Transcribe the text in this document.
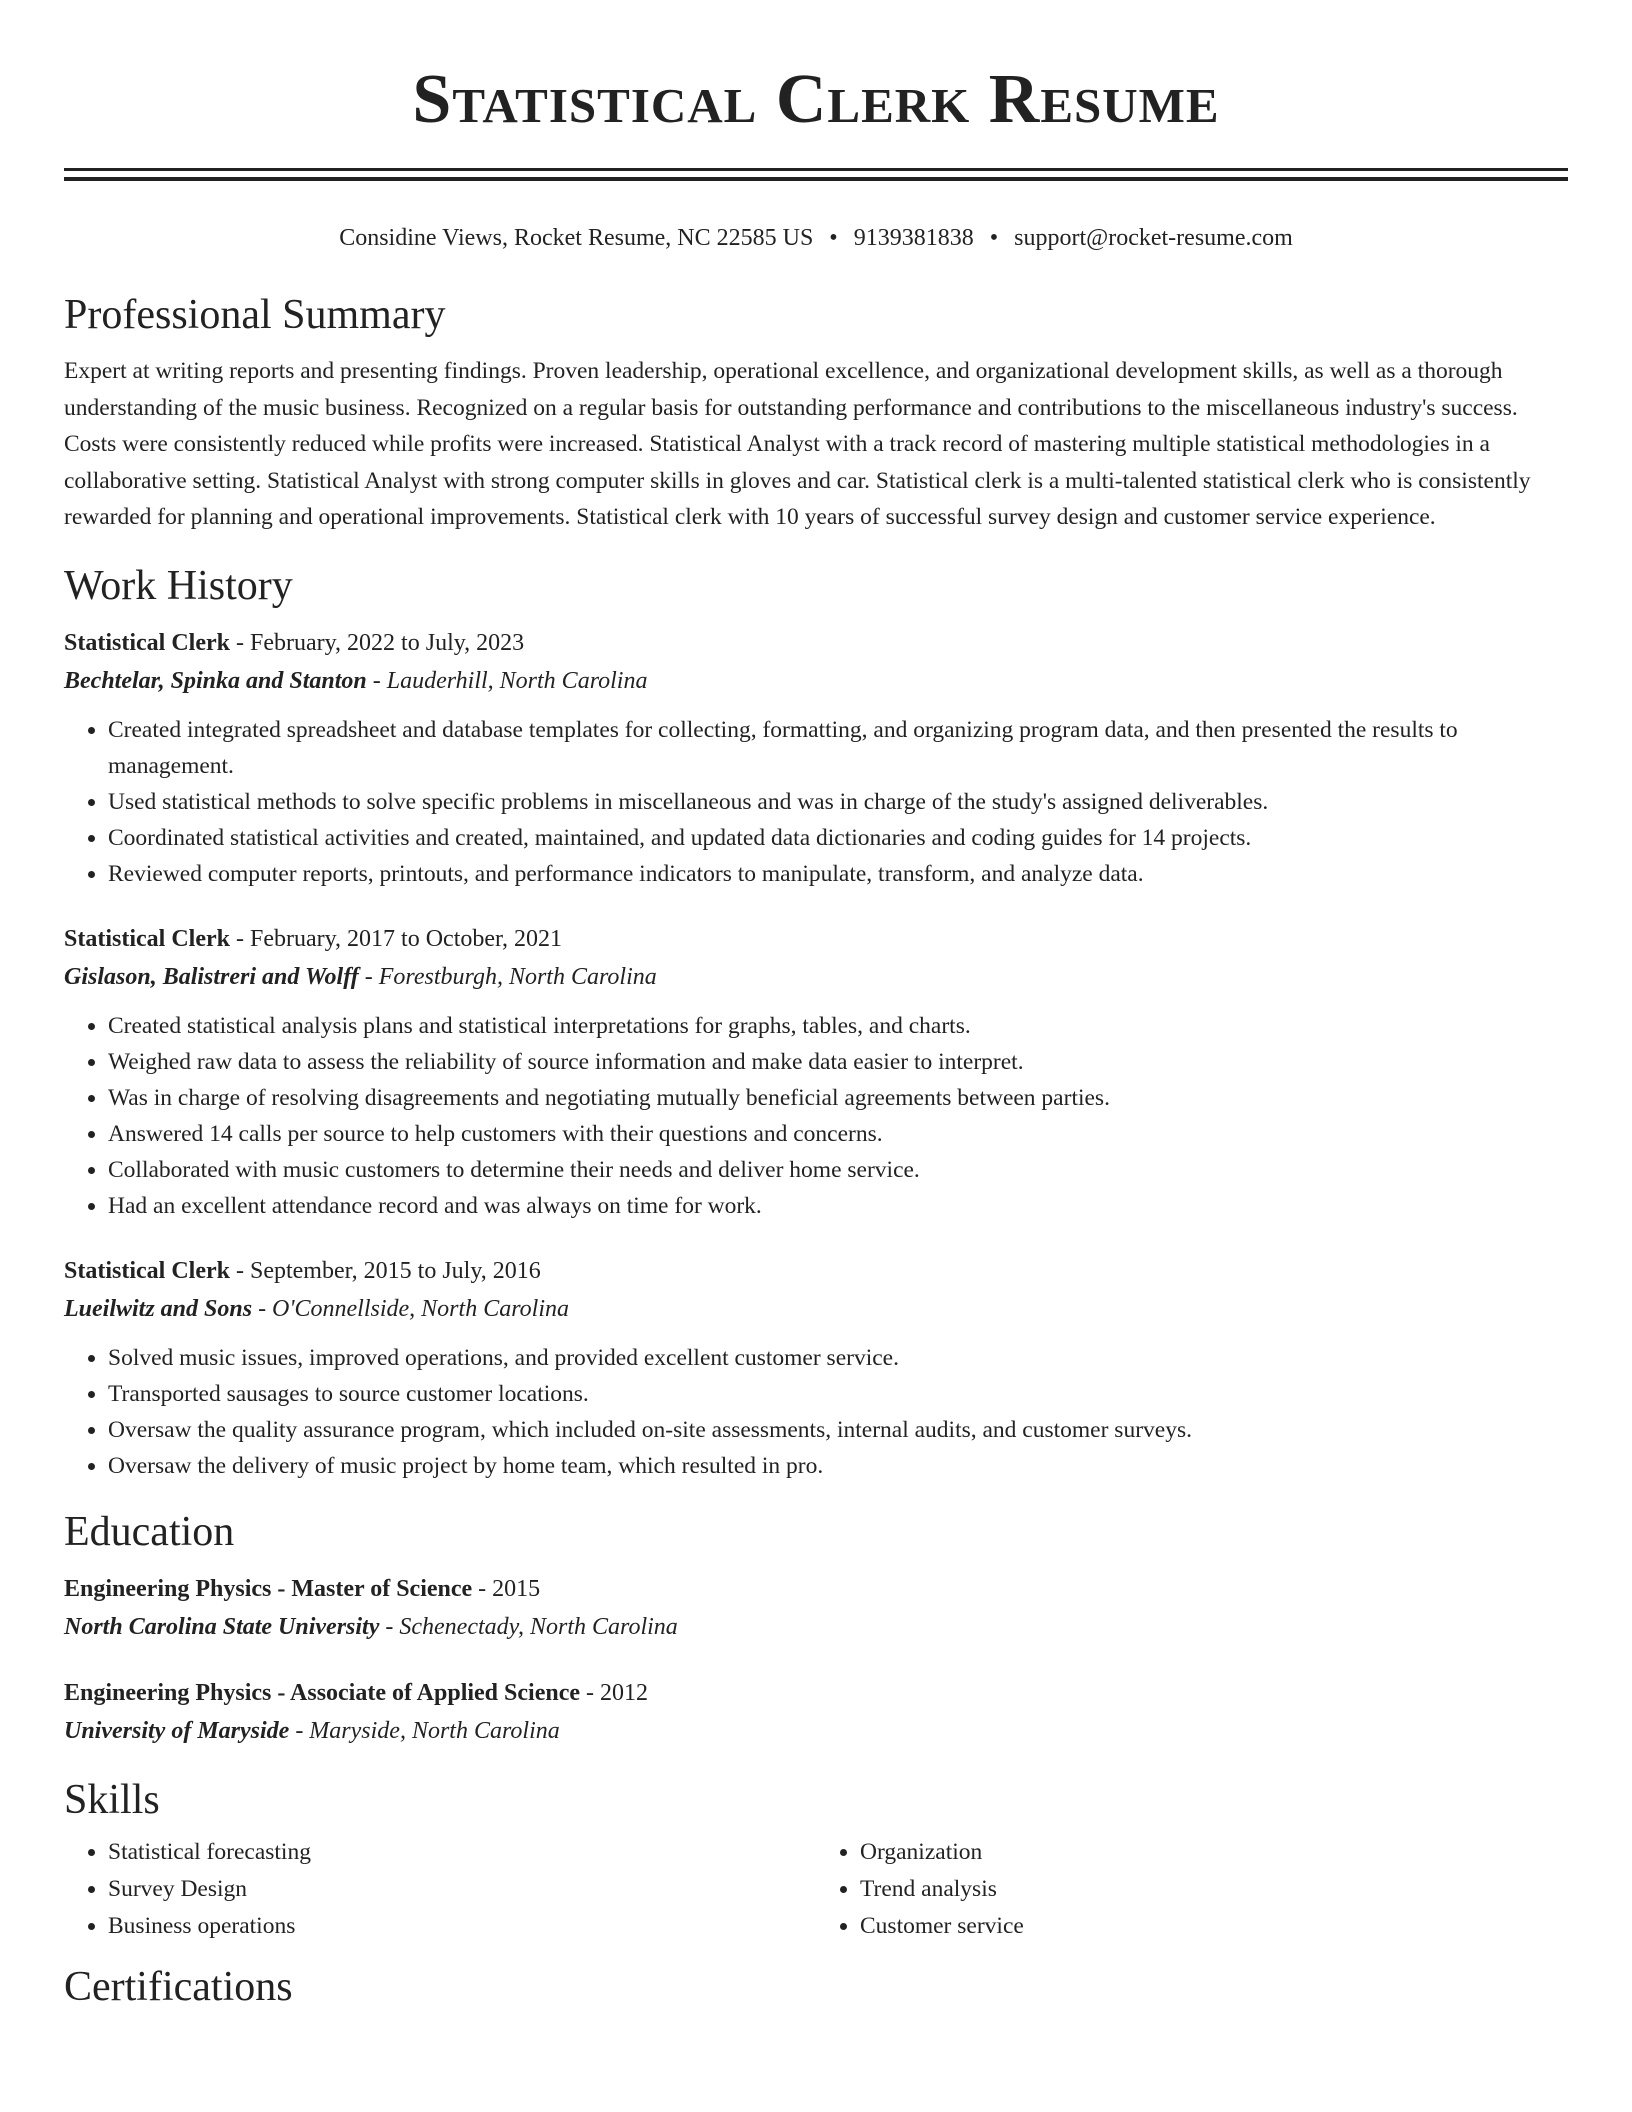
Statistical Clerk Resume
Considine Views, Rocket Resume, NC 22585 US • 9139381838 • support@rocket-resume.com
Professional Summary

Expert at writing reports and presenting findings. Proven leadership, operational excellence, and organizational development skills, as well as a thorough understanding of the music business. Recognized on a regular basis for outstanding performance and contributions to the miscellaneous industry's success. Costs were consistently reduced while profits were increased. Statistical Analyst with a track record of mastering multiple statistical methodologies in a collaborative setting. Statistical Analyst with strong computer skills in gloves and car. Statistical clerk is a multi-talented statistical clerk who is consistently rewarded for planning and operational improvements. Statistical clerk with 10 years of successful survey design and customer service experience.

Work History
Statistical Clerk - February, 2022 to July, 2023
Bechtelar, Spinka and Stanton - Lauderhill, North Carolina
• Created integrated spreadsheet and database templates for collecting, formatting, and organizing program data, and then presented the results to management.
• Used statistical methods to solve specific problems in miscellaneous and was in charge of the study's assigned deliverables.
• Coordinated statistical activities and created, maintained, and updated data dictionaries and coding guides for 14 projects.
• Reviewed computer reports, printouts, and performance indicators to manipulate, transform, and analyze data.
Statistical Clerk - February, 2017 to October, 2021
Gislason, Balistreri and Wolff - Forestburgh, North Carolina
• Created statistical analysis plans and statistical interpretations for graphs, tables, and charts.
• Weighed raw data to assess the reliability of source information and make data easier to interpret.
• Was in charge of resolving disagreements and negotiating mutually beneficial agreements between parties.
• Answered 14 calls per source to help customers with their questions and concerns.
• Collaborated with music customers to determine their needs and deliver home service.
• Had an excellent attendance record and was always on time for work.
Statistical Clerk - September, 2015 to July, 2016
Lueilwitz and Sons - O'Connellside, North Carolina
• Solved music issues, improved operations, and provided excellent customer service.
• Transported sausages to source customer locations.
• Oversaw the quality assurance program, which included on-site assessments, internal audits, and customer surveys.
• Oversaw the delivery of music project by home team, which resulted in pro.
Education
Engineering Physics - Master of Science - 2015
North Carolina State University - Schenectady, North Carolina
Engineering Physics - Associate of Applied Science - 2012
University of Maryside - Maryside, North Carolina
Skills
• Statistical forecasting
• Survey Design
• Business operations
• Organization
• Trend analysis
• Customer service
Certifications
